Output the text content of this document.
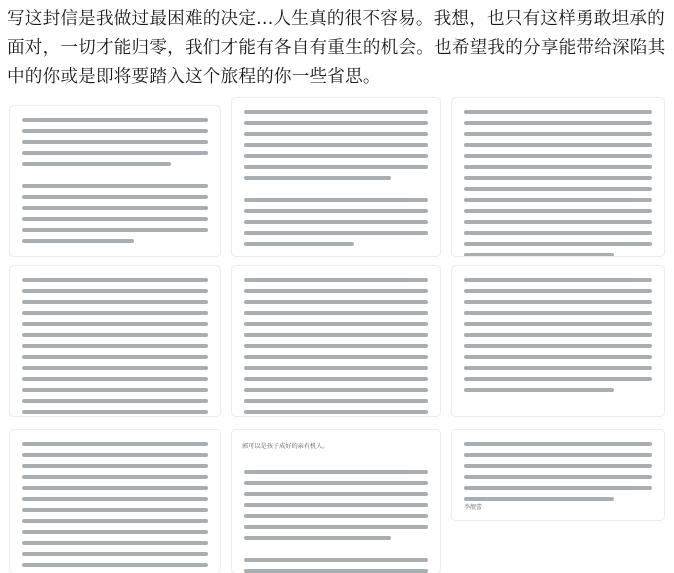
写这封信是我做过最困难的决定...人生真的很不容易。我想，也只有这样勇敢坦承的面对，一切才能归零，我们才能有各自有重生的机会。也希望我的分享能带给深陷其中的你或是即将要踏入这个旅程的你一些省思。
郭可以是孩子成好的亲有机人。
李靓蕾
